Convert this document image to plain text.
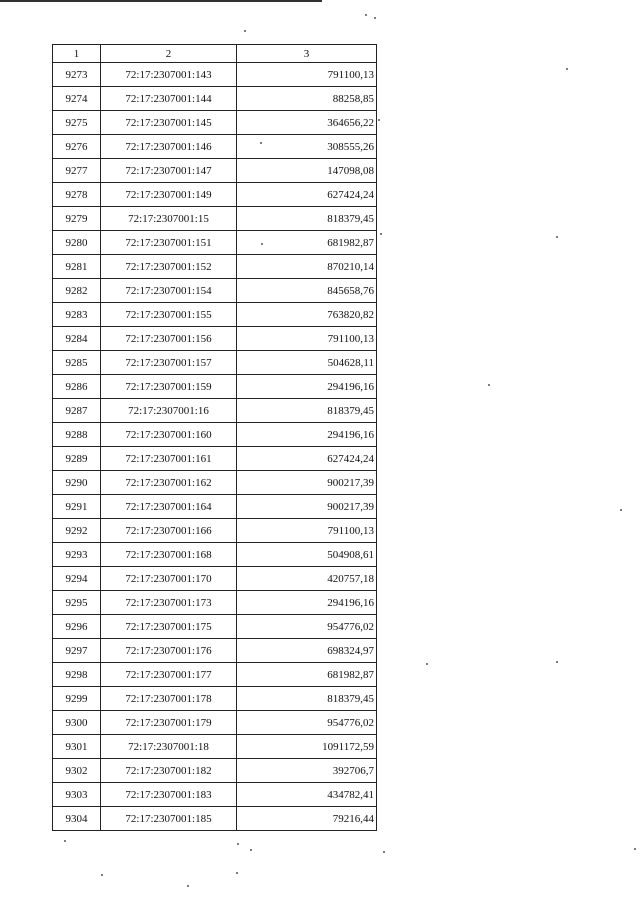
1	2	3
9273	72:17:2307001:143	791100,13
9274	72:17:2307001:144	88258,85
9275	72:17:2307001:145	364656,22
9276	72:17:2307001:146	308555,26
9277	72:17:2307001:147	147098,08
9278	72:17:2307001:149	627424,24
9279	72:17:2307001:15	818379,45
9280	72:17:2307001:151	681982,87
9281	72:17:2307001:152	870210,14
9282	72:17:2307001:154	845658,76
9283	72:17:2307001:155	763820,82
9284	72:17:2307001:156	791100,13
9285	72:17:2307001:157	504628,11
9286	72:17:2307001:159	294196,16
9287	72:17:2307001:16	818379,45
9288	72:17:2307001:160	294196,16
9289	72:17:2307001:161	627424,24
9290	72:17:2307001:162	900217,39
9291	72:17:2307001:164	900217,39
9292	72:17:2307001:166	791100,13
9293	72:17:2307001:168	504908,61
9294	72:17:2307001:170	420757,18
9295	72:17:2307001:173	294196,16
9296	72:17:2307001:175	954776,02
9297	72:17:2307001:176	698324,97
9298	72:17:2307001:177	681982,87
9299	72:17:2307001:178	818379,45
9300	72:17:2307001:179	954776,02
9301	72:17:2307001:18	1091172,59
9302	72:17:2307001:182	392706,7
9303	72:17:2307001:183	434782,41
9304	72:17:2307001:185	79216,44
